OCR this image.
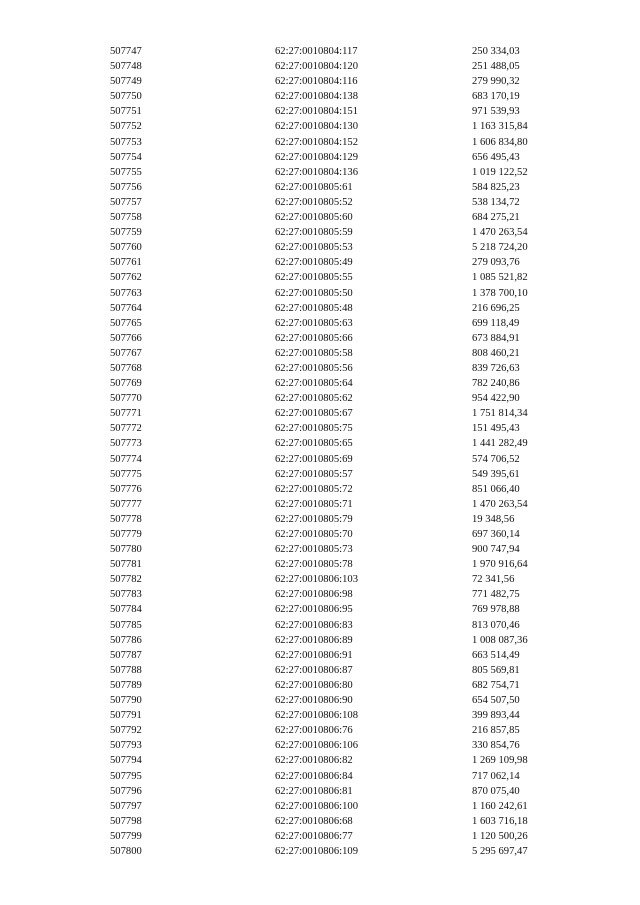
507747	62:27:0010804:117	250 334,03
507748	62:27:0010804:120	251 488,05
507749	62:27:0010804:116	279 990,32
507750	62:27:0010804:138	683 170,19
507751	62:27:0010804:151	971 539,93
507752	62:27:0010804:130	1 163 315,84
507753	62:27:0010804:152	1 606 834,80
507754	62:27:0010804:129	656 495,43
507755	62:27:0010804:136	1 019 122,52
507756	62:27:0010805:61	584 825,23
507757	62:27:0010805:52	538 134,72
507758	62:27:0010805:60	684 275,21
507759	62:27:0010805:59	1 470 263,54
507760	62:27:0010805:53	5 218 724,20
507761	62:27:0010805:49	279 093,76
507762	62:27:0010805:55	1 085 521,82
507763	62:27:0010805:50	1 378 700,10
507764	62:27:0010805:48	216 696,25
507765	62:27:0010805:63	699 118,49
507766	62:27:0010805:66	673 884,91
507767	62:27:0010805:58	808 460,21
507768	62:27:0010805:56	839 726,63
507769	62:27:0010805:64	782 240,86
507770	62:27:0010805:62	954 422,90
507771	62:27:0010805:67	1 751 814,34
507772	62:27:0010805:75	151 495,43
507773	62:27:0010805:65	1 441 282,49
507774	62:27:0010805:69	574 706,52
507775	62:27:0010805:57	549 395,61
507776	62:27:0010805:72	851 066,40
507777	62:27:0010805:71	1 470 263,54
507778	62:27:0010805:79	19 348,56
507779	62:27:0010805:70	697 360,14
507780	62:27:0010805:73	900 747,94
507781	62:27:0010805:78	1 970 916,64
507782	62:27:0010806:103	72 341,56
507783	62:27:0010806:98	771 482,75
507784	62:27:0010806:95	769 978,88
507785	62:27:0010806:83	813 070,46
507786	62:27:0010806:89	1 008 087,36
507787	62:27:0010806:91	663 514,49
507788	62:27:0010806:87	805 569,81
507789	62:27:0010806:80	682 754,71
507790	62:27:0010806:90	654 507,50
507791	62:27:0010806:108	399 893,44
507792	62:27:0010806:76	216 857,85
507793	62:27:0010806:106	330 854,76
507794	62:27:0010806:82	1 269 109,98
507795	62:27:0010806:84	717 062,14
507796	62:27:0010806:81	870 075,40
507797	62:27:0010806:100	1 160 242,61
507798	62:27:0010806:68	1 603 716,18
507799	62:27:0010806:77	1 120 500,26
507800	62:27:0010806:109	5 295 697,47
